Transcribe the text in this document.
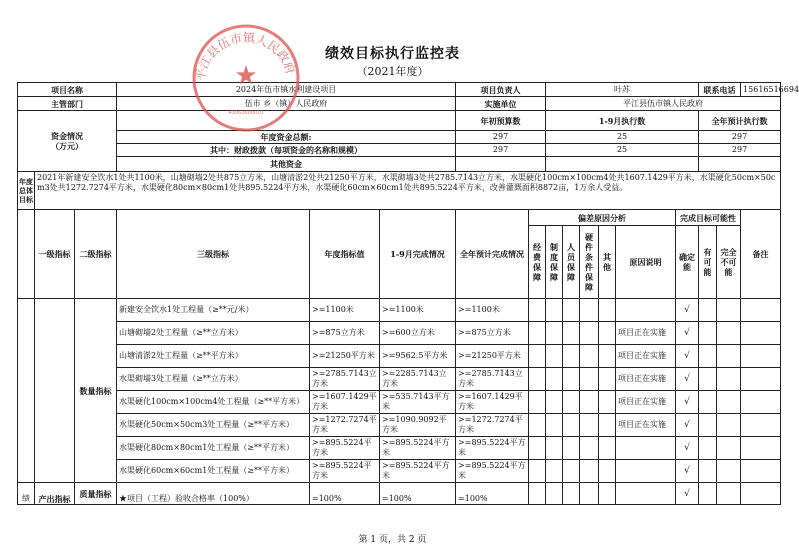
绩效目标执行监控表
（2021年度）
项目名称			2024年伍市镇水利建设项目			项目负责人		叶苏						联系电话		15616516694
主管部门			伍市 乡（镇）人民政府			实施单位		平江县伍市镇人民政府								
资金情况
（万元）						年初预算数		1-9月执行数						全年预计执行数		
			年度资金总额:			297		25						297		
			其中：财政拨款（每项资金的名称和规模）			297		25						297		
			其他资金													
年度总体目标	2021年新建安全饮水1处共1100米，山塘砌墙2处共875立方米，山塘清淤2处共21250平方米，水渠砌墙3处共2785.7143立方米，水渠硬化100cm×100cm4处共1607.1429平方米，水渠硬化50cm×50cm3处共1272.7274平方米，水渠硬化80cm×80cm1处共895.5224平方米，水渠硬化60cm×60cm1处共895.5224平方米，改善灌溉面积8872亩，1万余人受益。															
	一级指标	二级指标	三级指标	年度指标值	1-9月完成情况	全年预计完成情况	偏差原因分析						完成目标可能性			备注
							经费保障	制度保障	人员保障	硬件条件保障	其他	原因说明	确定能	有可能	完全不可能	
		数量指标	新建安全饮水1处工程量（≥**元/米）	>=1100米	>=1100米	>=1100米							√			
			山塘砌墙2处工程量（≥**立方米）	>=875立方米	>=600立方米	>=875立方米						项目正在实施	√			
			山塘清淤2处工程量（≥**平方米）	>=21250平方米	>=9562.5平方米	>=21250平方米						项目正在实施	√			
			水渠砌墙3处工程量（≥**立方米）	>=2785.7143立方米	>=2285.7143立方米	>=2785.7143立方米						项目正在实施	√			
			水渠硬化100cm×100cm4处工程量（≥**平方米）	>=1607.1429平方米	>=535.7143平方米	>=1607.1429平方米						项目正在实施	√			
			水渠硬化50cm×50cm3处工程量（≥**平方米）	>=1272.7274平方米	>=1090.9092平方米	>=1272.7274平方米						项目正在实施	√			
			水渠硬化80cm×80cm1处工程量（≥**平方米）	>=895.5224平方米	>=895.5224平方米	>=895.5224平方米							√			
			水渠硬化60cm×60cm1处工程量（≥**平方米）	>=895.5224平方米	>=895.5224平方米	>=895.5224平方米							√			
绩	产出指标	质量指标	★项目（工程）验收合格率（100%）	=100%	=100%	=100%							√			
平江县伍市镇人民政府
★
43062600010
第 1 页，共 2 页
